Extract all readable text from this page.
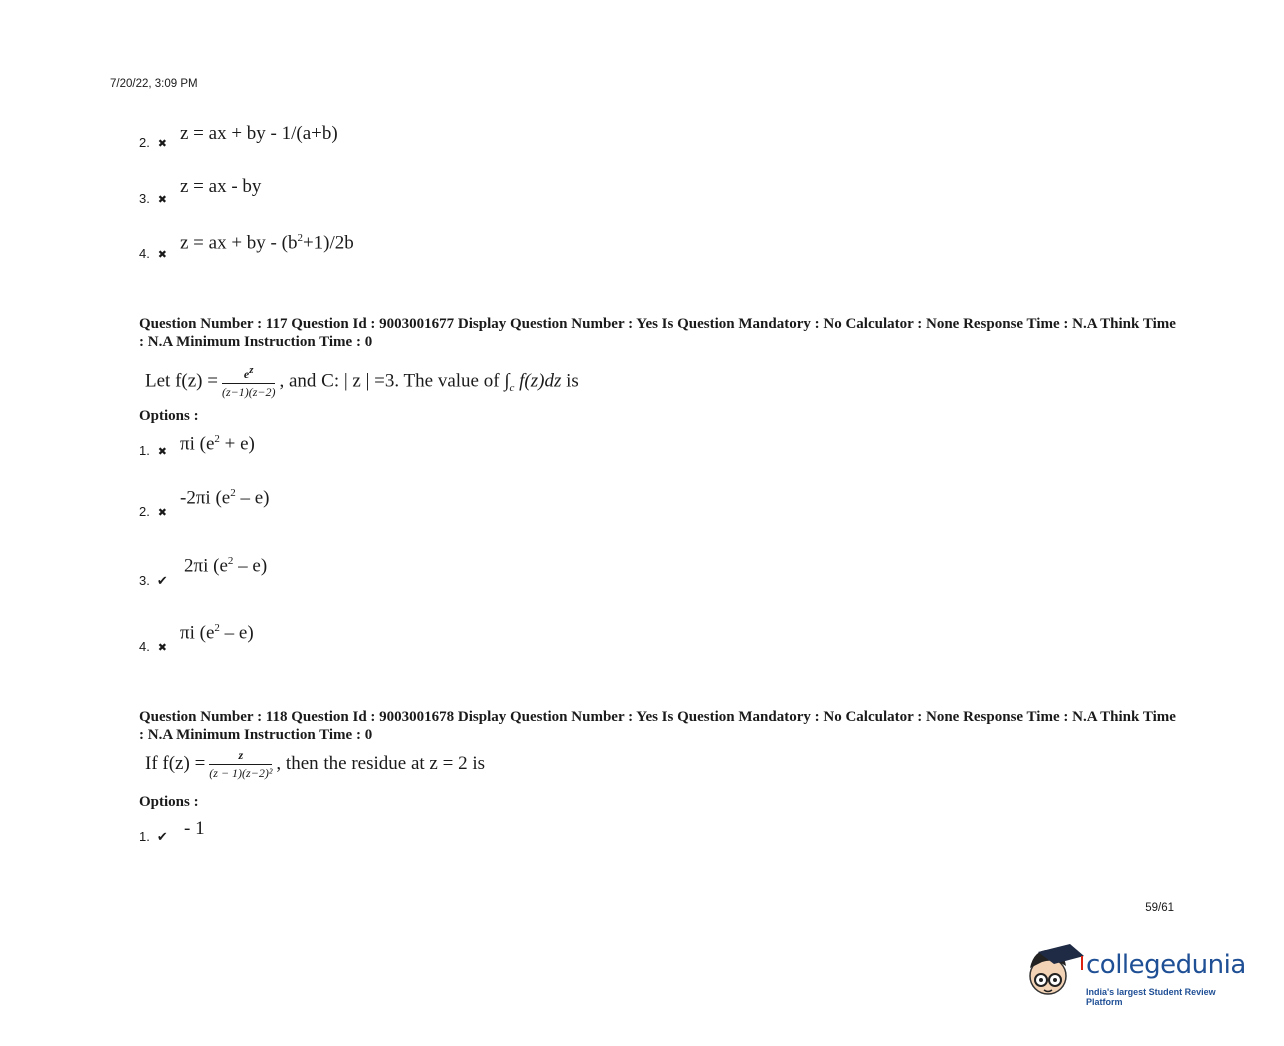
7/20/22, 3:09 PM
2. ✖ z = ax + by - 1/(a+b)
3. ✖
z = ax - by
4. ✖
z = ax + by - $(b^2+1)/2b$
Question Number : 117 Question Id : 9003001677 Display Question Number : Yes Is Question Mandatory : No Calculator : None Response Time : N.A Think Time : N.A Minimum Instruction Time : 0
Let $f(z) = \frac{e^z}{(z-1)(z-2)}$ , and C: | z | =3. The value of $\int_c$ f(z)dz is
Options :
1. ✖ πi $(e^2 + e)$
2. ✖
-2πi $(e^2 - e)$
3. ✔
2πi $(e^2 - e)$
4. ✖
πi $(e^2 - e)$
Question Number : 118 Question Id : 9003001678 Display Question Number : Yes Is Question Mandatory : No Calculator : None Response Time : N.A Think Time : N.A Minimum Instruction Time : 0
If $f(z) = \frac{z}{\text{(z − 1)(z−2)²}}$ , then the residue at z = 2 is
Options :
1. ✔ - 1
59/61
collegedunia
India's largest Student Review Platform
